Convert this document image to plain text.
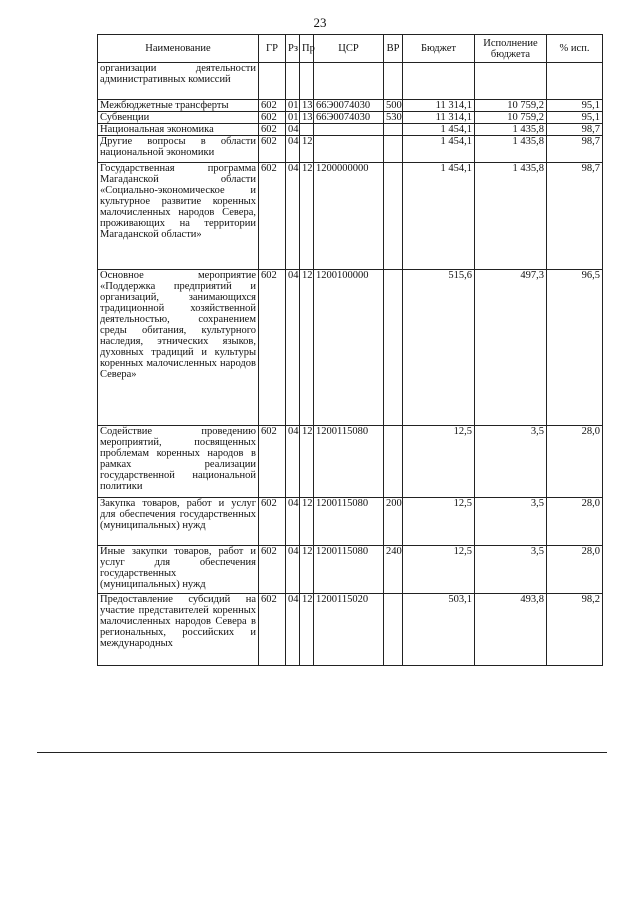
23
Наименование	ГР	Рз	Пр	ЦСР	ВР	Бюджет	Исполнение бюджета	% исп.
организации деятельности административных комиссий								
Межбюджетные трансферты	602	01	13	66Э0074030	500	11 314,1	10 759,2	95,1
Субвенции	602	01	13	66Э0074030	530	11 314,1	10 759,2	95,1
Национальная экономика	602	04				1 454,1	1 435,8	98,7
Другие вопросы в области национальной экономики	602	04	12			1 454,1	1 435,8	98,7
Государственная программа Магаданской области «Социально-экономическое и культурное развитие коренных малочисленных народов Севера, проживающих на территории Магаданской области»	602	04	12	1200000000		1 454,1	1 435,8	98,7
Основное мероприятие «Поддержка предприятий и организаций, занимающихся традиционной хозяйственной деятельностью, сохранением среды обитания, культурного наследия, этнических языков, духовных традиций и культуры коренных малочисленных народов Севера»	602	04	12	1200100000		515,6	497,3	96,5
Содействие проведению мероприятий, посвященных проблемам коренных народов в рамках реализации государственной национальной политики	602	04	12	1200115080		12,5	3,5	28,0
Закупка товаров, работ и услуг для обеспечения государственных (муниципальных) нужд	602	04	12	1200115080	200	12,5	3,5	28,0
Иные закупки товаров, работ и услуг для обеспечения государственных (муниципальных) нужд	602	04	12	1200115080	240	12,5	3,5	28,0
Предоставление субсидий на участие представителей коренных малочисленных народов Севера в региональных, российских и международных	602	04	12	1200115020		503,1	493,8	98,2
